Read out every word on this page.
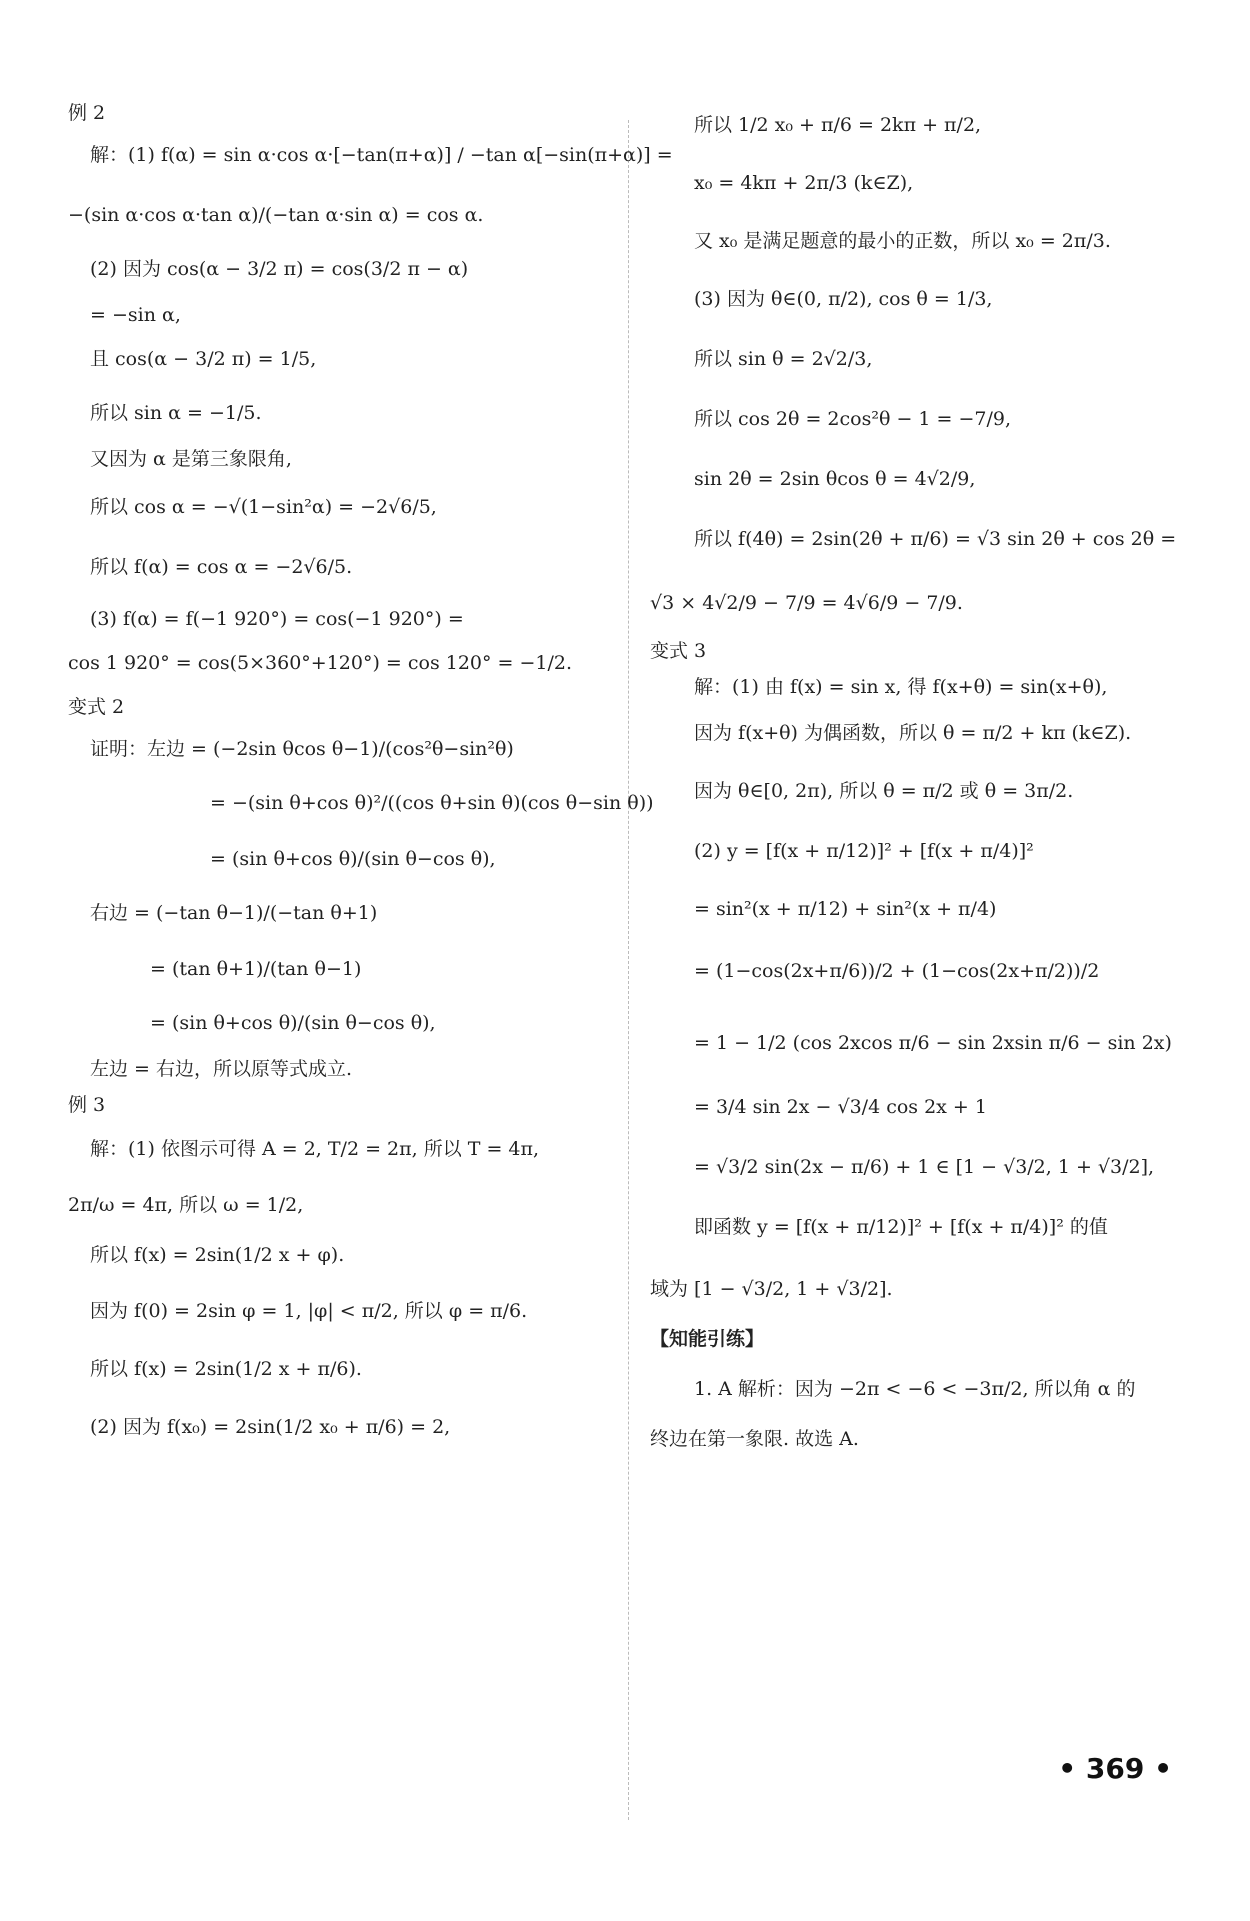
例 2
解：(1) f(α) = sin α·cos α·[−tan(π+α)] / −tan α[−sin(π+α)] =
−(sin α·cos α·tan α)/(−tan α·sin α) = cos α.
(2) 因为 cos(α − 3/2 π) = cos(3/2 π − α)
= −sin α,
且 cos(α − 3/2 π) = 1/5,
所以 sin α = −1/5.
又因为 α 是第三象限角,
所以 cos α = −√(1−sin²α) = −2√6/5,
所以 f(α) = cos α = −2√6/5.
(3) f(α) = f(−1 920°) = cos(−1 920°) =
cos 1 920° = cos(5×360°+120°) = cos 120° = −1/2.
变式 2
证明：左边 = (−2sin θcos θ−1)/(cos²θ−sin²θ)
= −(sin θ+cos θ)²/((cos θ+sin θ)(cos θ−sin θ))
= (sin θ+cos θ)/(sin θ−cos θ),
右边 = (−tan θ−1)/(−tan θ+1)
= (tan θ+1)/(tan θ−1)
= (sin θ+cos θ)/(sin θ−cos θ),
左边 = 右边，所以原等式成立.
例 3
解：(1) 依图示可得 A = 2, T/2 = 2π, 所以 T = 4π,
2π/ω = 4π, 所以 ω = 1/2,
所以 f(x) = 2sin(1/2 x + φ).
因为 f(0) = 2sin φ = 1, |φ| < π/2, 所以 φ = π/6.
所以 f(x) = 2sin(1/2 x + π/6).
(2) 因为 f(x₀) = 2sin(1/2 x₀ + π/6) = 2,
所以 1/2 x₀ + π/6 = 2kπ + π/2,
x₀ = 4kπ + 2π/3 (k∈Z),
又 x₀ 是满足题意的最小的正数，所以 x₀ = 2π/3.
(3) 因为 θ∈(0, π/2), cos θ = 1/3,
所以 sin θ = 2√2/3,
所以 cos 2θ = 2cos²θ − 1 = −7/9,
sin 2θ = 2sin θcos θ = 4√2/9,
所以 f(4θ) = 2sin(2θ + π/6) = √3 sin 2θ + cos 2θ =
√3 × 4√2/9 − 7/9 = 4√6/9 − 7/9.
变式 3
解：(1) 由 f(x) = sin x, 得 f(x+θ) = sin(x+θ),
因为 f(x+θ) 为偶函数，所以 θ = π/2 + kπ (k∈Z).
因为 θ∈[0, 2π), 所以 θ = π/2 或 θ = 3π/2.
(2) y = [f(x + π/12)]² + [f(x + π/4)]²
= sin²(x + π/12) + sin²(x + π/4)
= (1−cos(2x+π/6))/2 + (1−cos(2x+π/2))/2
= 1 − 1/2 (cos 2xcos π/6 − sin 2xsin π/6 − sin 2x)
= 3/4 sin 2x − √3/4 cos 2x + 1
= √3/2 sin(2x − π/6) + 1 ∈ [1 − √3/2, 1 + √3/2],
即函数 y = [f(x + π/12)]² + [f(x + π/4)]² 的值
域为 [1 − √3/2, 1 + √3/2].
【知能引练】
1. A 解析：因为 −2π < −6 < −3π/2, 所以角 α 的
终边在第一象限. 故选 A.
• 369 •
